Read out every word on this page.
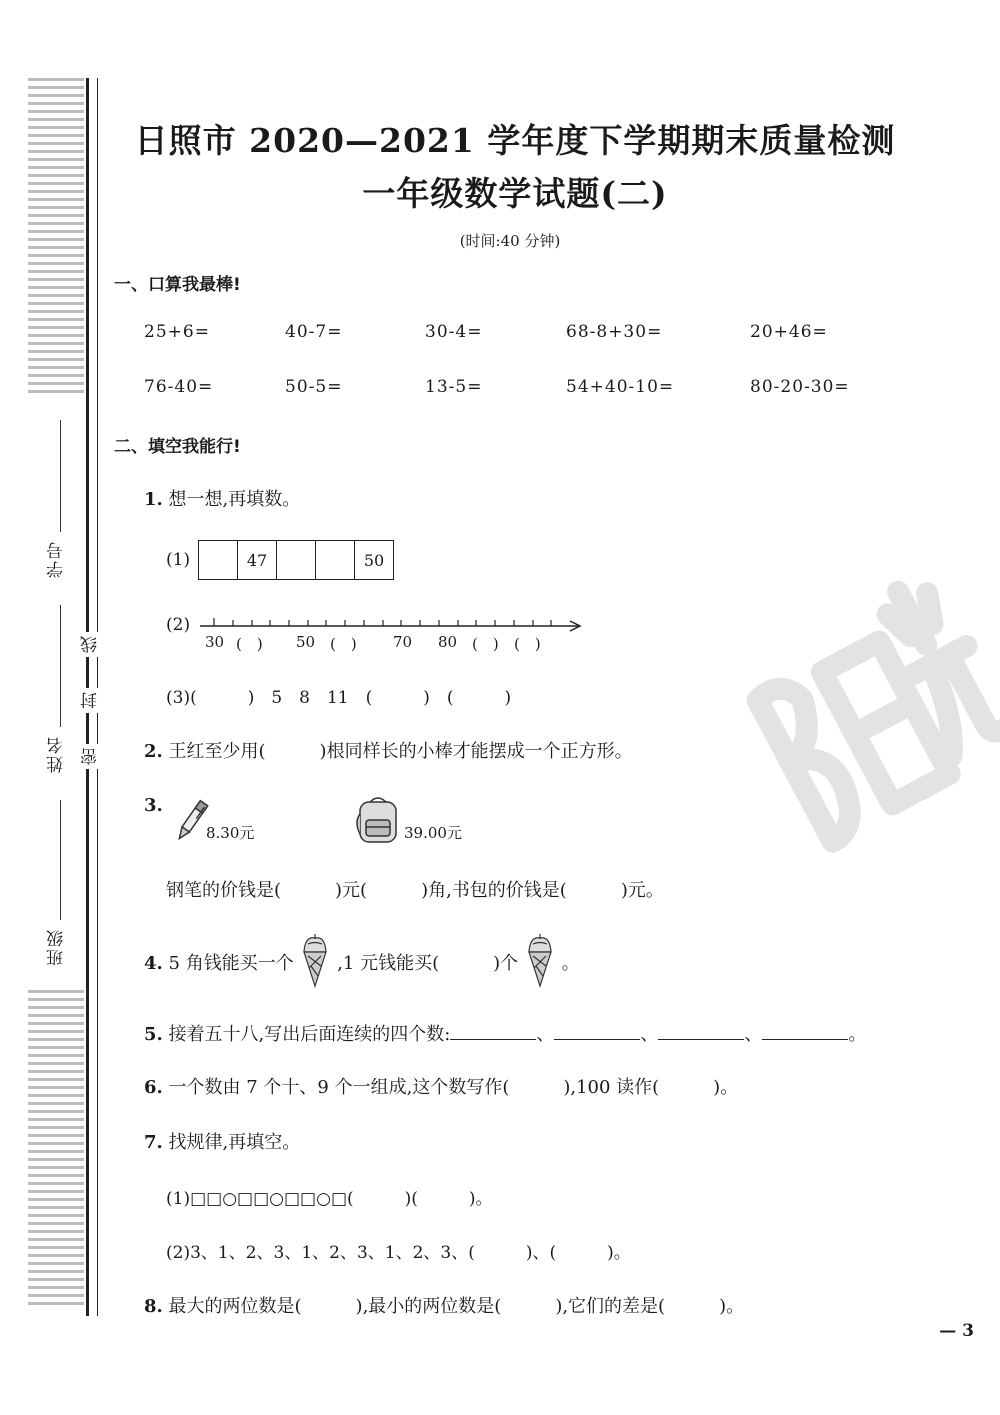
学号
姓名
班级
线
封
密
日照市 2020—2021 学年度下学期期末质量检测
一年级数学试题(二)
(时间:40 分钟)
一、口算我最棒!
25+6=	40-7=	30-4=	68-8+30=	20+46=
76-40=	50-5=	13-5=	54+40-10=	80-20-30=
二、填空我能行!
1. 想一想,再填数。
(1)	47	50
(2)
30 (　) 50 (　) 70 80 (　) (　)
(3)(　　　)　5　8　11　(　　　)　(　　　)
2. 王红至少用(　　　)根同样长的小棒才能摆成一个正方形。
3.
8.30元	39.00元
钢笔的价钱是(　　　)元(　　　)角,书包的价钱是(　　　)元。
4. 5 角钱能买一个 ,1 元钱能买(　　　)个 。
5. 接着五十八,写出后面连续的四个数:	、	、	、	。
6. 一个数由 7 个十、9 个一组成,这个数写作(　　　),100 读作(　　　)。
7. 找规律,再填空。
(1)□□○□□○□□○□(　　　)(　　　)。
(2)3、1、2、3、1、2、3、1、2、3、(　　　)、(　　　)。
8. 最大的两位数是(　　　),最小的两位数是(　　　),它们的差是(　　　)。
— 3
